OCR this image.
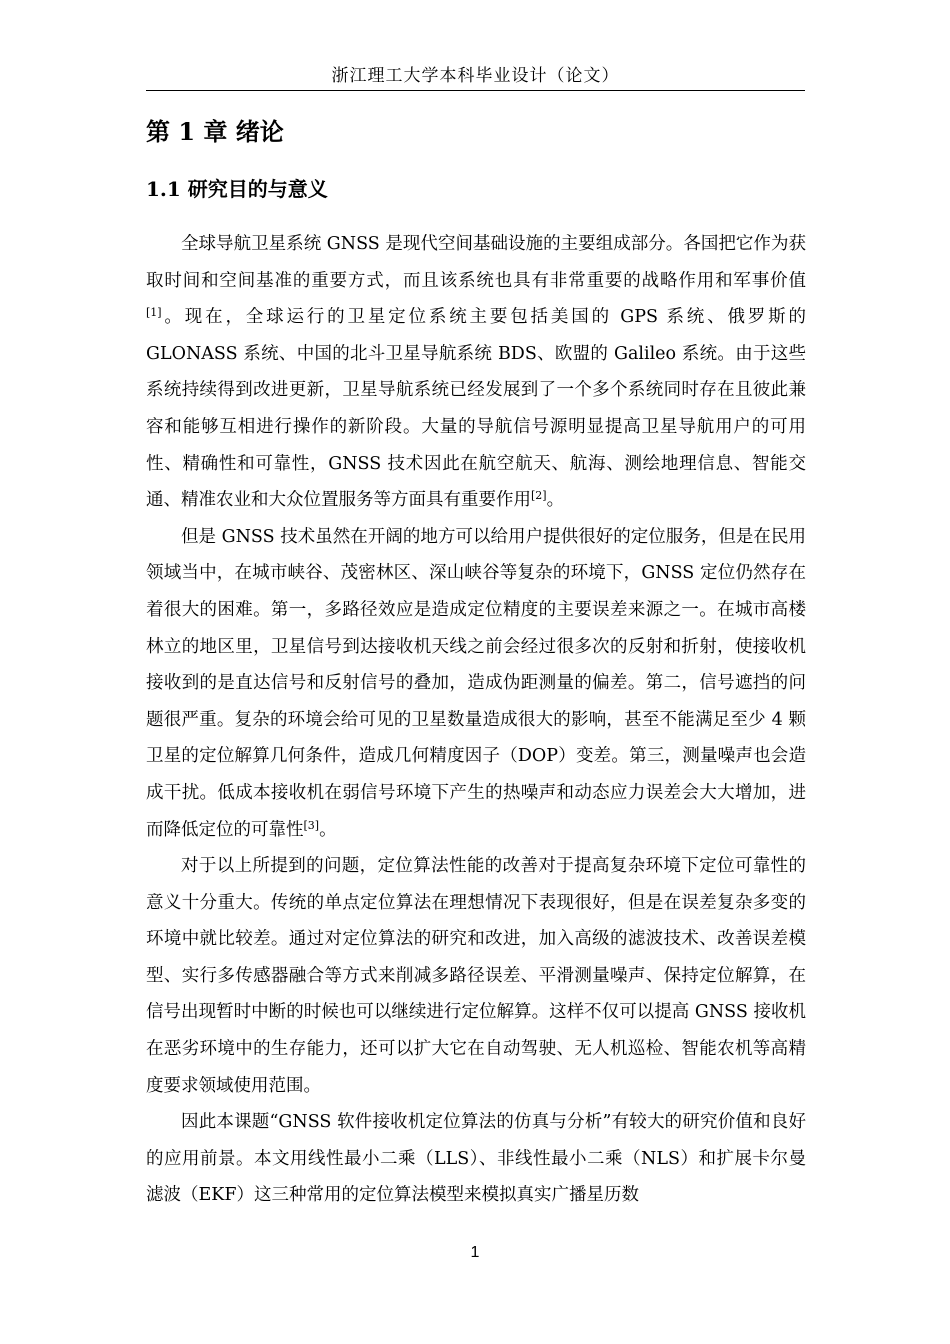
浙江理工大学本科毕业设计（论文）
第 1 章 绪论
1.1 研究目的与意义

全球导航卫星系统 GNSS 是现代空间基础设施的主要组成部分。各国把它作为获取时间和空间基准的重要方式，而且该系统也具有非常重要的战略作用和军事价值[1]。现在，全球运行的卫星定位系统主要包括美国的 GPS 系统、俄罗斯的 GLONASS 系统、中国的北斗卫星导航系统 BDS、欧盟的 Galileo 系统。由于这些系统持续得到改进更新，卫星导航系统已经发展到了一个多个系统同时存在且彼此兼容和能够互相进行操作的新阶段。大量的导航信号源明显提高卫星导航用户的可用性、精确性和可靠性，GNSS 技术因此在航空航天、航海、测绘地理信息、智能交通、精准农业和大众位置服务等方面具有重要作用[2]。

但是 GNSS 技术虽然在开阔的地方可以给用户提供很好的定位服务，但是在民用领域当中，在城市峡谷、茂密林区、深山峡谷等复杂的环境下，GNSS 定位仍然存在着很大的困难。第一，多路径效应是造成定位精度的主要误差来源之一。在城市高楼林立的地区里，卫星信号到达接收机天线之前会经过很多次的反射和折射，使接收机接收到的是直达信号和反射信号的叠加，造成伪距测量的偏差。第二，信号遮挡的问题很严重。复杂的环境会给可见的卫星数量造成很大的影响，甚至不能满足至少 4 颗卫星的定位解算几何条件，造成几何精度因子（DOP）变差。第三，测量噪声也会造成干扰。低成本接收机在弱信号环境下产生的热噪声和动态应力误差会大大增加，进而降低定位的可靠性[3]。

对于以上所提到的问题，定位算法性能的改善对于提高复杂环境下定位可靠性的意义十分重大。传统的单点定位算法在理想情况下表现很好，但是在误差复杂多变的环境中就比较差。通过对定位算法的研究和改进，加入高级的滤波技术、改善误差模型、实行多传感器融合等方式来削减多路径误差、平滑测量噪声、保持定位解算，在信号出现暂时中断的时候也可以继续进行定位解算。这样不仅可以提高 GNSS 接收机在恶劣环境中的生存能力，还可以扩大它在自动驾驶、无人机巡检、智能农机等高精度要求领域使用范围。

因此本课题“GNSS 软件接收机定位算法的仿真与分析”有较大的研究价值和良好的应用前景。本文用线性最小二乘（LLS）、非线性最小二乘（NLS）和扩展卡尔曼滤波（EKF）这三种常用的定位算法模型来模拟真实广播星历数

1
